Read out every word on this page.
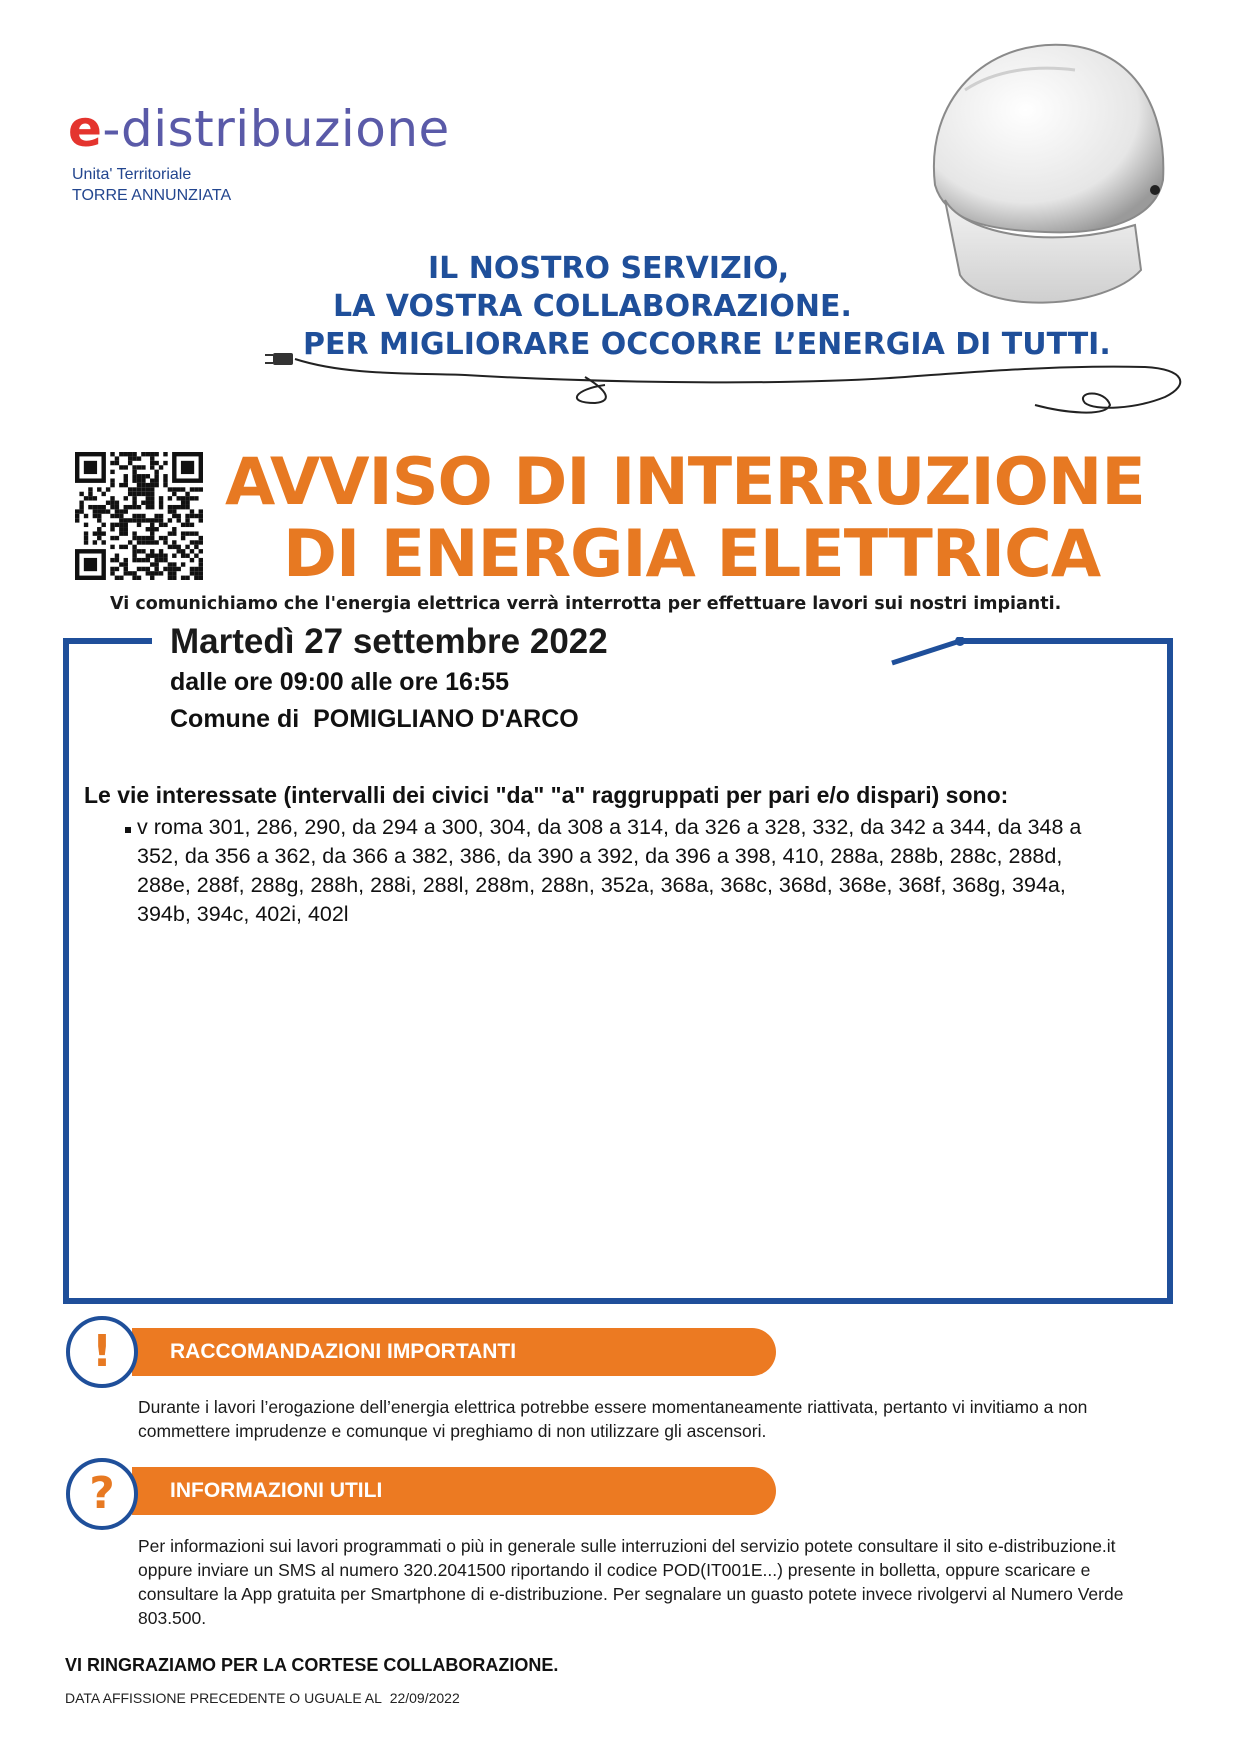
e-distribuzione
Unita' Territoriale
TORRE ANNUNZIATA
IL NOSTRO SERVIZIO,
LA VOSTRA COLLABORAZIONE.
PER MIGLIORARE OCCORRE L’ENERGIA DI TUTTI.
AVVISO DI INTERRUZIONE
DI ENERGIA ELETTRICA
Vi comunichiamo che l'energia elettrica verrà interrotta per effettuare lavori sui nostri impianti.
Martedì 27 settembre 2022
dalle ore 09:00 alle ore 16:55
Comune di POMIGLIANO D'ARCO
Le vie interessate (intervalli dei civici "da" "a" raggruppati per pari e/o dispari) sono:
v roma 301, 286, 290, da 294 a 300, 304, da 308 a 314, da 326 a 328, 332, da 342 a 344, da 348 a 352, da 356 a 362, da 366 a 382, 386, da 390 a 392, da 396 a 398, 410, 288a, 288b, 288c, 288d, 288e, 288f, 288g, 288h, 288i, 288l, 288m, 288n, 352a, 368a, 368c, 368d, 368e, 368f, 368g, 394a, 394b, 394c, 402i, 402l
RACCOMANDAZIONI IMPORTANTI
!
Durante i lavori l’erogazione dell’energia elettrica potrebbe essere momentaneamente riattivata, pertanto vi invitiamo a non commettere imprudenze e comunque vi preghiamo di non utilizzare gli ascensori.
INFORMAZIONI UTILI
?
Per informazioni sui lavori programmati o più in generale sulle interruzioni del servizio potete consultare il sito e-distribuzione.it oppure inviare un SMS al numero 320.2041500 riportando il codice POD(IT001E...) presente in bolletta, oppure scaricare e consultare la App gratuita per Smartphone di e-distribuzione. Per segnalare un guasto potete invece rivolgervi al Numero Verde 803.500.
VI RINGRAZIAMO PER LA CORTESE COLLABORAZIONE.
DATA AFFISSIONE PRECEDENTE O UGUALE AL 22/09/2022
